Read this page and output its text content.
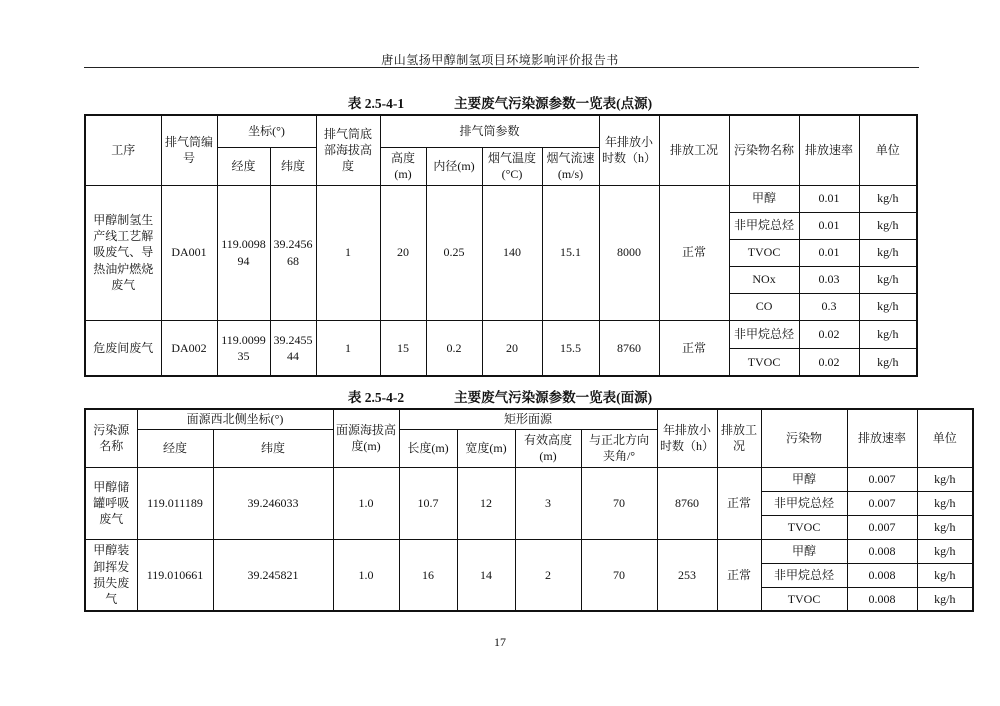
唐山氢扬甲醇制氢项目环境影响评价报告书
表 2.5-4-1	主要废气污染源参数一览表(点源)
工序	排气筒编号	坐标(°)		排气筒底部海拔高度	排气筒参数				年排放小时数（h）	排放工况	污染物名称	排放速率	单位
		经度	纬度		高度(m)	内径(m)	烟气温度(°C)	烟气流速(m/s)					
甲醇制氢生产线工艺解吸废气、导热油炉燃烧废气	DA001	119.009894	39.245668	1	20	0.25	140	15.1	8000	正常	甲醇	0.01	kg/h
											非甲烷总烃	0.01	kg/h
											TVOC	0.01	kg/h
											NOx	0.03	kg/h
											CO	0.3	kg/h
危废间废气	DA002	119.009935	39.245544	1	15	0.2	20	15.5	8760	正常	非甲烷总烃	0.02	kg/h
											TVOC	0.02	kg/h
表 2.5-4-2	主要废气污染源参数一览表(面源)
污染源名称	面源西北侧坐标(°)		面源海拔高度(m)	矩形面源				年排放小时数（h）	排放工况	污染物	排放速率	单位
	经度	纬度		长度(m)	宽度(m)	有效高度(m)	与正北方向夹角/°					
甲醇储罐呼吸废气	119.011189	39.246033	1.0	10.7	12	3	70	8760	正常	甲醇	0.007	kg/h
										非甲烷总烃	0.007	kg/h
										TVOC	0.007	kg/h
甲醇装卸挥发损失废气	119.010661	39.245821	1.0	16	14	2	70	253	正常	甲醇	0.008	kg/h
										非甲烷总烃	0.008	kg/h
										TVOC	0.008	kg/h
17
